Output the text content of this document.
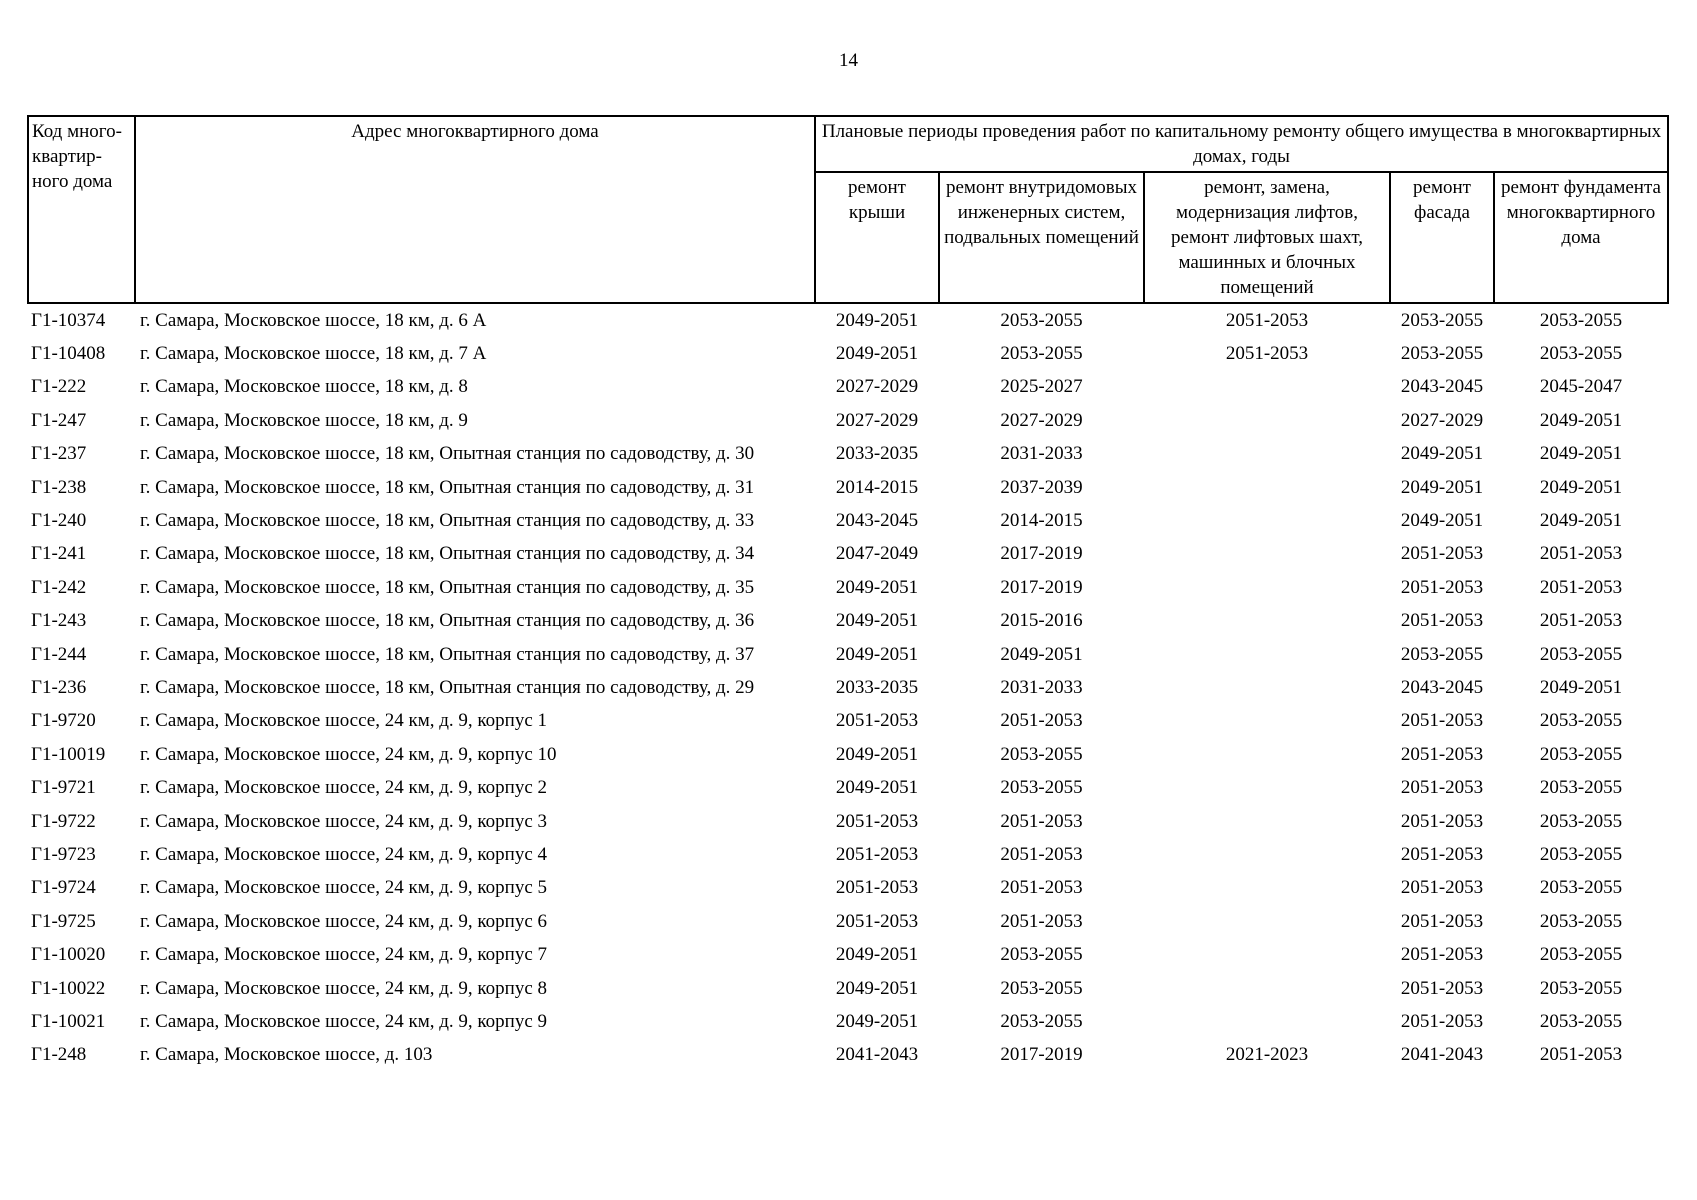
14
Код много-квартир-ного дома	Адрес многоквартирного дома	Плановые периоды проведения работ по капитальному ремонту общего имущества в многоквартирных домах, годы				
		ремонт крыши	ремонт внутридомовых инженерных систем, подвальных помещений	ремонт, замена, модернизация лифтов, ремонт лифтовых шахт, машинных и блочных помещений	ремонт фасада	ремонт фундамента многоквартирного дома
Г1-10374	г. Самара, Московское шоссе, 18 км, д. 6 А	2049-2051	2053-2055	2051-2053	2053-2055	2053-2055
Г1-10408	г. Самара, Московское шоссе, 18 км, д. 7 А	2049-2051	2053-2055	2051-2053	2053-2055	2053-2055
Г1-222	г. Самара, Московское шоссе, 18 км, д. 8	2027-2029	2025-2027		2043-2045	2045-2047
Г1-247	г. Самара, Московское шоссе, 18 км, д. 9	2027-2029	2027-2029		2027-2029	2049-2051
Г1-237	г. Самара, Московское шоссе, 18 км, Опытная станция по садоводству, д. 30	2033-2035	2031-2033		2049-2051	2049-2051
Г1-238	г. Самара, Московское шоссе, 18 км, Опытная станция по садоводству, д. 31	2014-2015	2037-2039		2049-2051	2049-2051
Г1-240	г. Самара, Московское шоссе, 18 км, Опытная станция по садоводству, д. 33	2043-2045	2014-2015		2049-2051	2049-2051
Г1-241	г. Самара, Московское шоссе, 18 км, Опытная станция по садоводству, д. 34	2047-2049	2017-2019		2051-2053	2051-2053
Г1-242	г. Самара, Московское шоссе, 18 км, Опытная станция по садоводству, д. 35	2049-2051	2017-2019		2051-2053	2051-2053
Г1-243	г. Самара, Московское шоссе, 18 км, Опытная станция по садоводству, д. 36	2049-2051	2015-2016		2051-2053	2051-2053
Г1-244	г. Самара, Московское шоссе, 18 км, Опытная станция по садоводству, д. 37	2049-2051	2049-2051		2053-2055	2053-2055
Г1-236	г. Самара, Московское шоссе, 18 км, Опытная станция по садоводству, д. 29	2033-2035	2031-2033		2043-2045	2049-2051
Г1-9720	г. Самара, Московское шоссе, 24 км, д. 9, корпус 1	2051-2053	2051-2053		2051-2053	2053-2055
Г1-10019	г. Самара, Московское шоссе, 24 км, д. 9, корпус 10	2049-2051	2053-2055		2051-2053	2053-2055
Г1-9721	г. Самара, Московское шоссе, 24 км, д. 9, корпус 2	2049-2051	2053-2055		2051-2053	2053-2055
Г1-9722	г. Самара, Московское шоссе, 24 км, д. 9, корпус 3	2051-2053	2051-2053		2051-2053	2053-2055
Г1-9723	г. Самара, Московское шоссе, 24 км, д. 9, корпус 4	2051-2053	2051-2053		2051-2053	2053-2055
Г1-9724	г. Самара, Московское шоссе, 24 км, д. 9, корпус 5	2051-2053	2051-2053		2051-2053	2053-2055
Г1-9725	г. Самара, Московское шоссе, 24 км, д. 9, корпус 6	2051-2053	2051-2053		2051-2053	2053-2055
Г1-10020	г. Самара, Московское шоссе, 24 км, д. 9, корпус 7	2049-2051	2053-2055		2051-2053	2053-2055
Г1-10022	г. Самара, Московское шоссе, 24 км, д. 9, корпус 8	2049-2051	2053-2055		2051-2053	2053-2055
Г1-10021	г. Самара, Московское шоссе, 24 км, д. 9, корпус 9	2049-2051	2053-2055		2051-2053	2053-2055
Г1-248	г. Самара, Московское шоссе, д. 103	2041-2043	2017-2019	2021-2023	2041-2043	2051-2053
